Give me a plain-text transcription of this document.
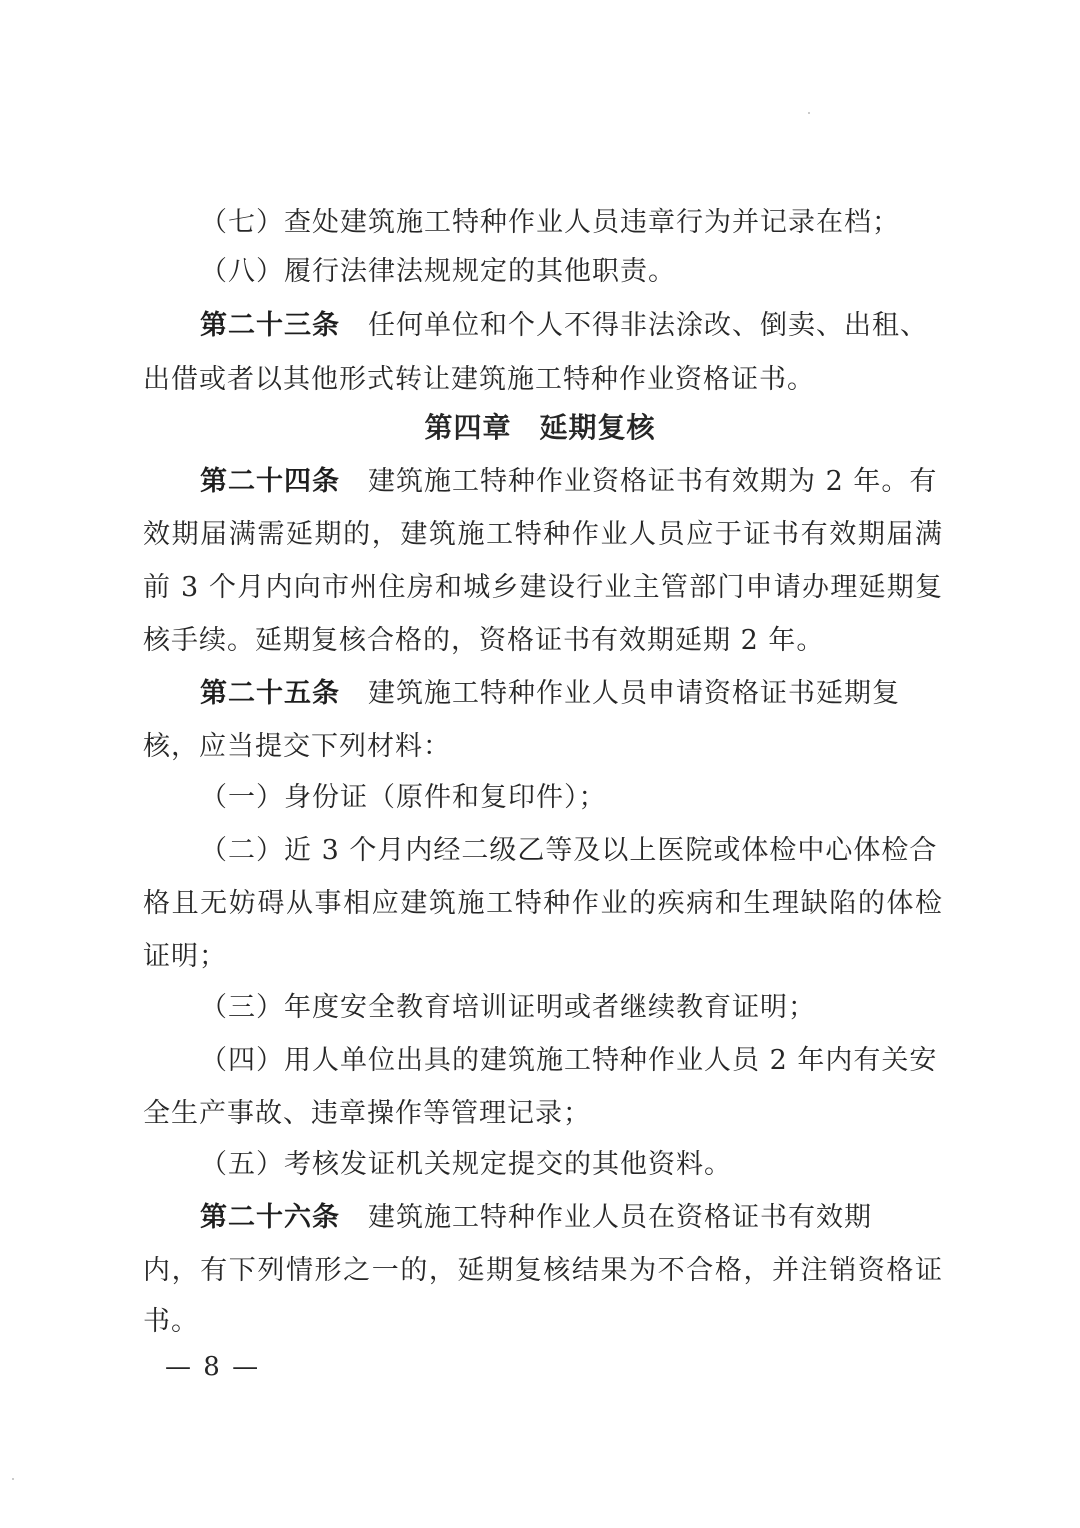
（七）查处建筑施工特种作业人员违章行为并记录在档；
（八）履行法律法规规定的其他职责。
第二十三条 任何单位和个人不得非法涂改、倒卖、出租、
出借或者以其他形式转让建筑施工特种作业资格证书。
第四章 延期复核
第二十四条 建筑施工特种作业资格证书有效期为 2 年。有
效期届满需延期的，建筑施工特种作业人员应于证书有效期届满
前 3 个月内向市州住房和城乡建设行业主管部门申请办理延期复
核手续。延期复核合格的，资格证书有效期延期 2 年。
第二十五条 建筑施工特种作业人员申请资格证书延期复
核，应当提交下列材料：
（一）身份证（原件和复印件）；
（二）近 3 个月内经二级乙等及以上医院或体检中心体检合
格且无妨碍从事相应建筑施工特种作业的疾病和生理缺陷的体检
证明；
（三）年度安全教育培训证明或者继续教育证明；
（四）用人单位出具的建筑施工特种作业人员 2 年内有关安
全生产事故、违章操作等管理记录；
（五）考核发证机关规定提交的其他资料。
第二十六条 建筑施工特种作业人员在资格证书有效期
内，有下列情形之一的，延期复核结果为不合格，并注销资格证
书。
— 8 —
